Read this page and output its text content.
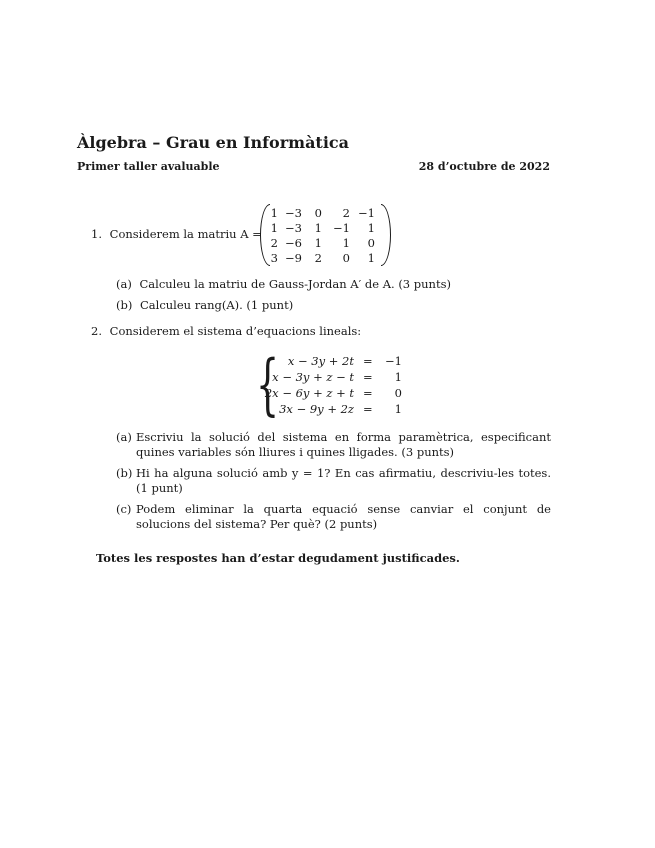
Àlgebra – Grau en Informàtica
Primer taller avaluable	28 d’octubre de 2022
1. Considerem la matriu A =
1 −3	0	2 −1
1 −3	1 −1	1
2 −6	1	1	0
3 −9	2	0	1
(a) Calculeu la matriu de Gauss-Jordan A′ de A. (3 punts)
(b) Calculeu rang(A). (1 punt)
2. Considerem el sistema d’equacions lineals:
{ x − 3y + 2t =	−1
x − 3y + z − t =	1
2x − 6y + z + t =	0
3x − 9y + 2z =	1
(a) Escriviu la solució del sistema en forma paramètrica, especificant quines variables són lliures i quines lligades. (3 punts)
(b) Hi ha alguna solució amb y = 1? En cas afirmatiu, descriviu-les totes. (1 punt)
(c) Podem eliminar la quarta equació sense canviar el conjunt de solucions del sistema? Per què? (2 punts)
Totes les respostes han d’estar degudament justificades.
